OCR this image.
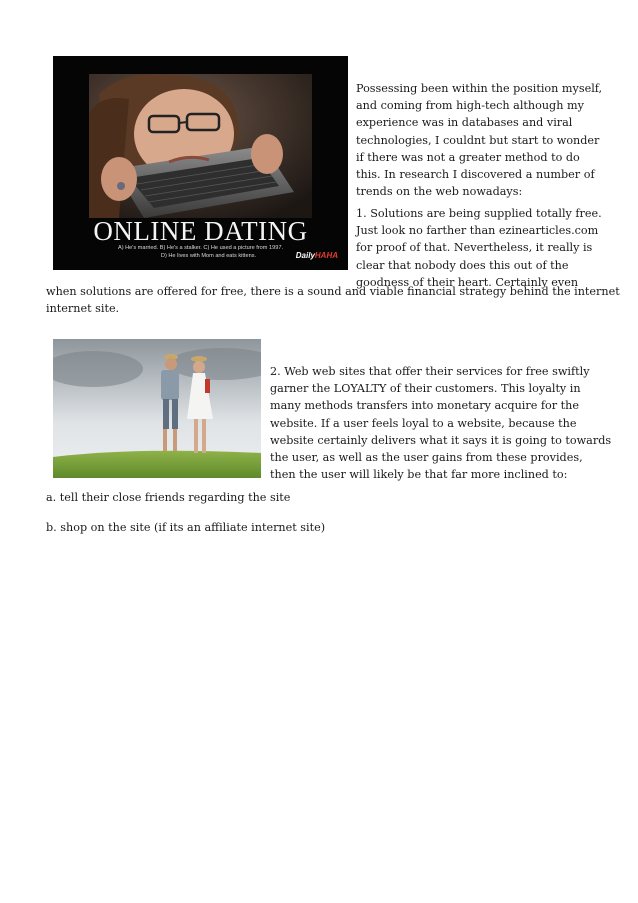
ONLINE DATING
A) He's married. B) He's a stalker. C) He used a picture from 1997.
D) He lives with Mom and eats kittens.	DailyHAHA
Possessing been within the position myself,
and coming from high-tech although my
experience was in databases and viral
technologies, I couldnt but start to wonder
if there was not a greater method to do
this. In research I discovered a number of
trends on the web nowadays:
1. Solutions are being supplied totally free.
Just look no farther than ezinearticles.com
for proof of that. Nevertheless, it really is
clear that nobody does this out of the
goodness of their heart. Certainly even
when solutions are offered for free, there is a sound and viable financial strategy behind the internet
internet site.
2. Web web sites that offer their services for free swiftly
garner the LOYALTY of their customers. This loyalty in
many methods transfers into monetary acquire for the
website. If a user feels loyal to a website, because the
website certainly delivers what it says it is going to towards
the user, as well as the user gains from these provides,
then the user will likely be that far more inclined to:
a. tell their close friends regarding the site
b. shop on the site (if its an affiliate internet site)
